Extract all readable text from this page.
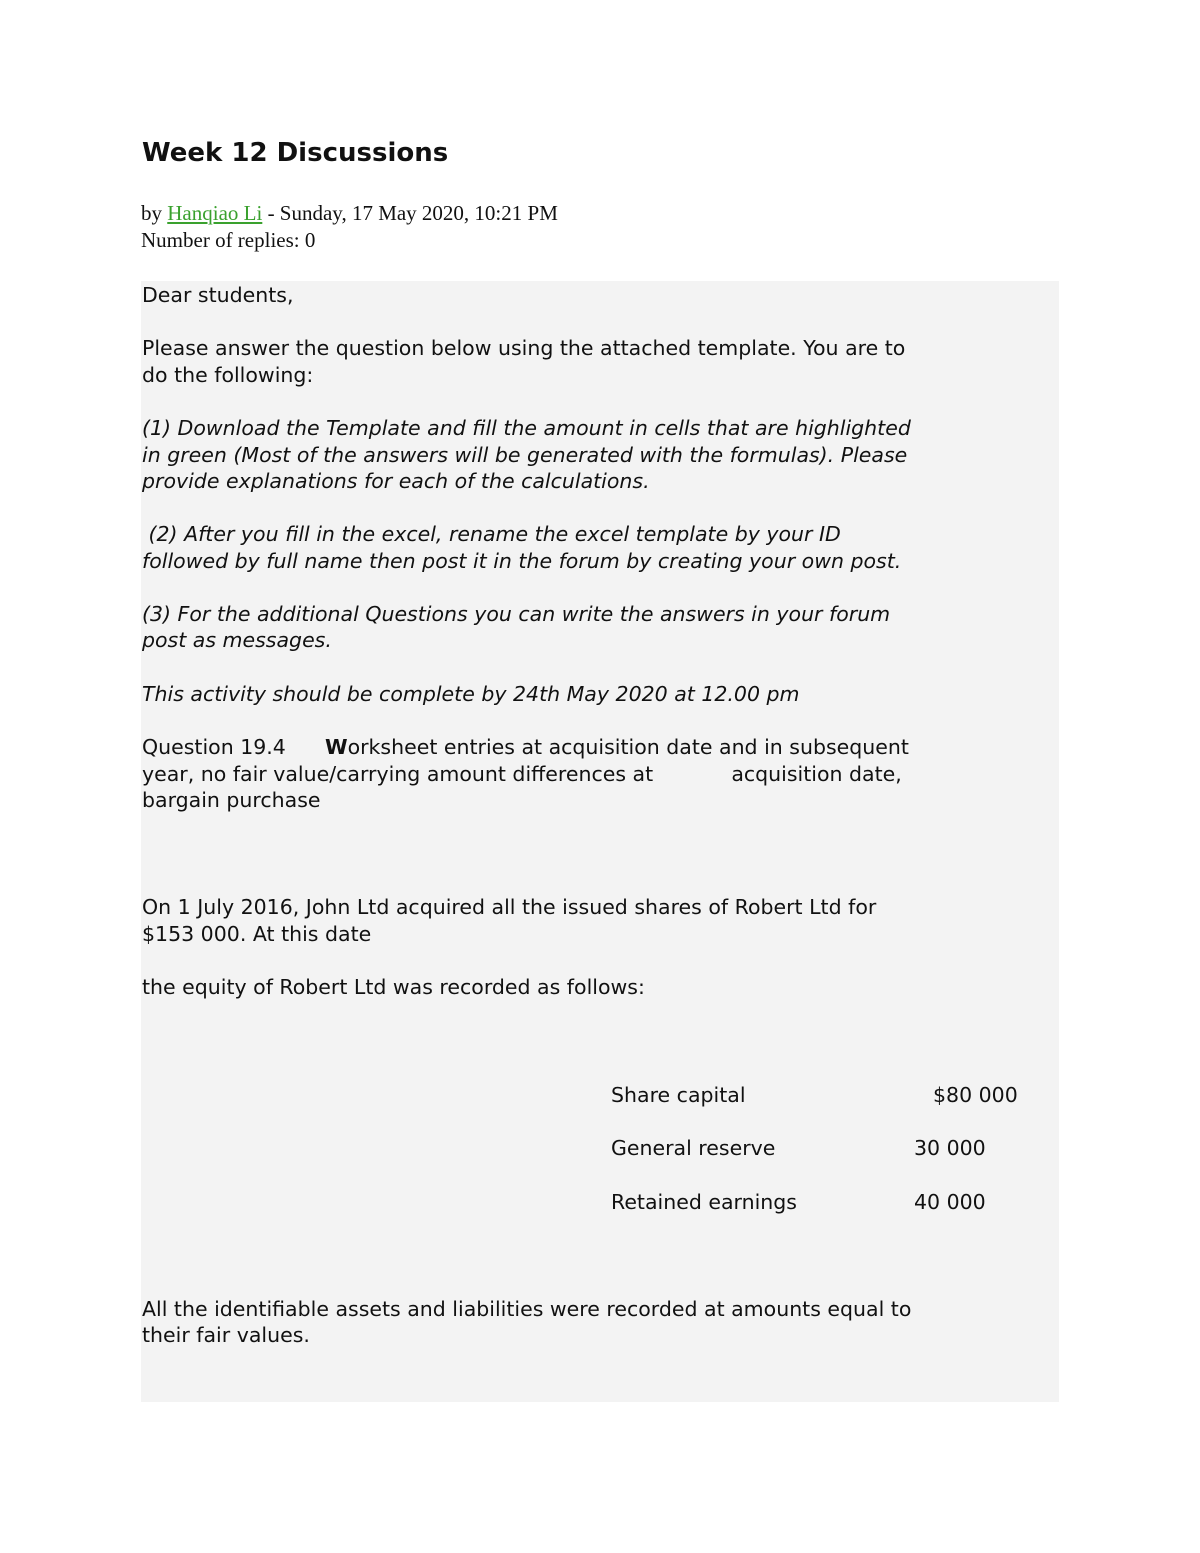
Week 12 Discussions
by Hanqiao Li - Sunday, 17 May 2020, 10:21 PM
Number of replies: 0

Dear students,

Please answer the question below using the attached template. You are to

do the following:

(1) Download the Template and fill the amount in cells that are highlighted

in green (Most of the answers will be generated with the formulas). Please

provide explanations for each of the calculations.

(2) After you fill in the excel, rename the excel template by your ID

followed by full name then post it in the forum by creating your own post.

(3) For the additional Questions you can write the answers in your forum

post as messages.

This activity should be complete by 24th May 2020 at 12.00 pm

Question 19.4      Worksheet entries at acquisition date and in subsequent

year, no fair value/carrying amount differences at            acquisition date,

bargain purchase

On 1 July 2016, John Ltd acquired all the issued shares of Robert Ltd for

$153 000. At this date

the equity of Robert Ltd was recorded as follows:

Share capital	$80 000

General reserve	30 000

Retained earnings	40 000

All the identifiable assets and liabilities were recorded at amounts equal to

their fair values.
